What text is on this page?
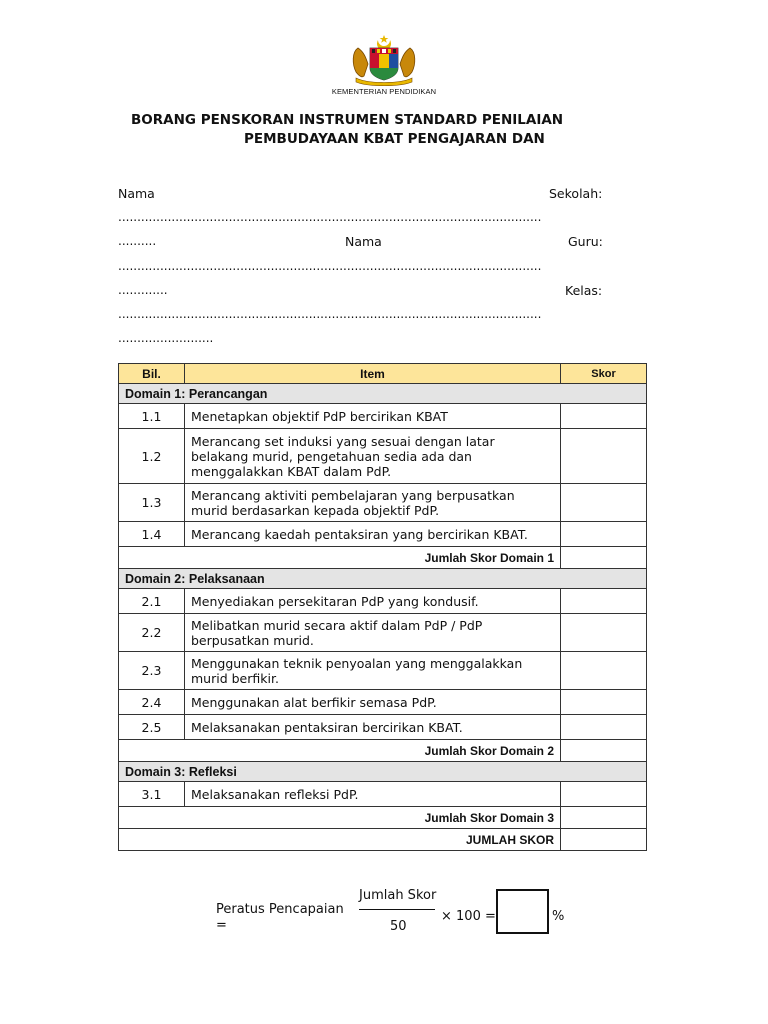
KEMENTERIAN PENDIDIKAN
BORANG PENSKORAN INSTRUMEN STANDARD PENILAIAN
PEMBUDAYAAN KBAT PENGAJARAN DAN
Nama	Sekolah:
...............................................................................................................
..........	Nama	Guru:
...............................................................................................................
.............	Kelas:
...............................................................................................................
.........................
Bil.	Item	Skor
Domain 1: Perancangan		
1.1	Menetapkan objektif PdP bercirikan KBAT	
1.2	Merancang set induksi yang sesuai dengan latar belakang murid, pengetahuan sedia ada dan menggalakkan KBAT dalam PdP.	
1.3	Merancang aktiviti pembelajaran yang berpusatkan murid berdasarkan kepada objektif PdP.	
1.4	Merancang kaedah pentaksiran yang bercirikan KBAT.	
Jumlah Skor Domain 1		
Domain 2: Pelaksanaan		
2.1	Menyediakan persekitaran PdP yang kondusif.	
2.2	Melibatkan murid secara aktif dalam PdP / PdP berpusatkan murid.	
2.3	Menggunakan teknik penyoalan yang menggalakkan murid berfikir.	
2.4	Menggunakan alat berfikir semasa PdP.	
2.5	Melaksanakan pentaksiran bercirikan KBAT.	
Jumlah Skor Domain 2		
Domain 3: Refleksi		
3.1	Melaksanakan refleksi PdP.	
Jumlah Skor Domain 3		
JUMLAH SKOR		
Peratus Pencapaian
=
Jumlah Skor
50
× 100 =	%
